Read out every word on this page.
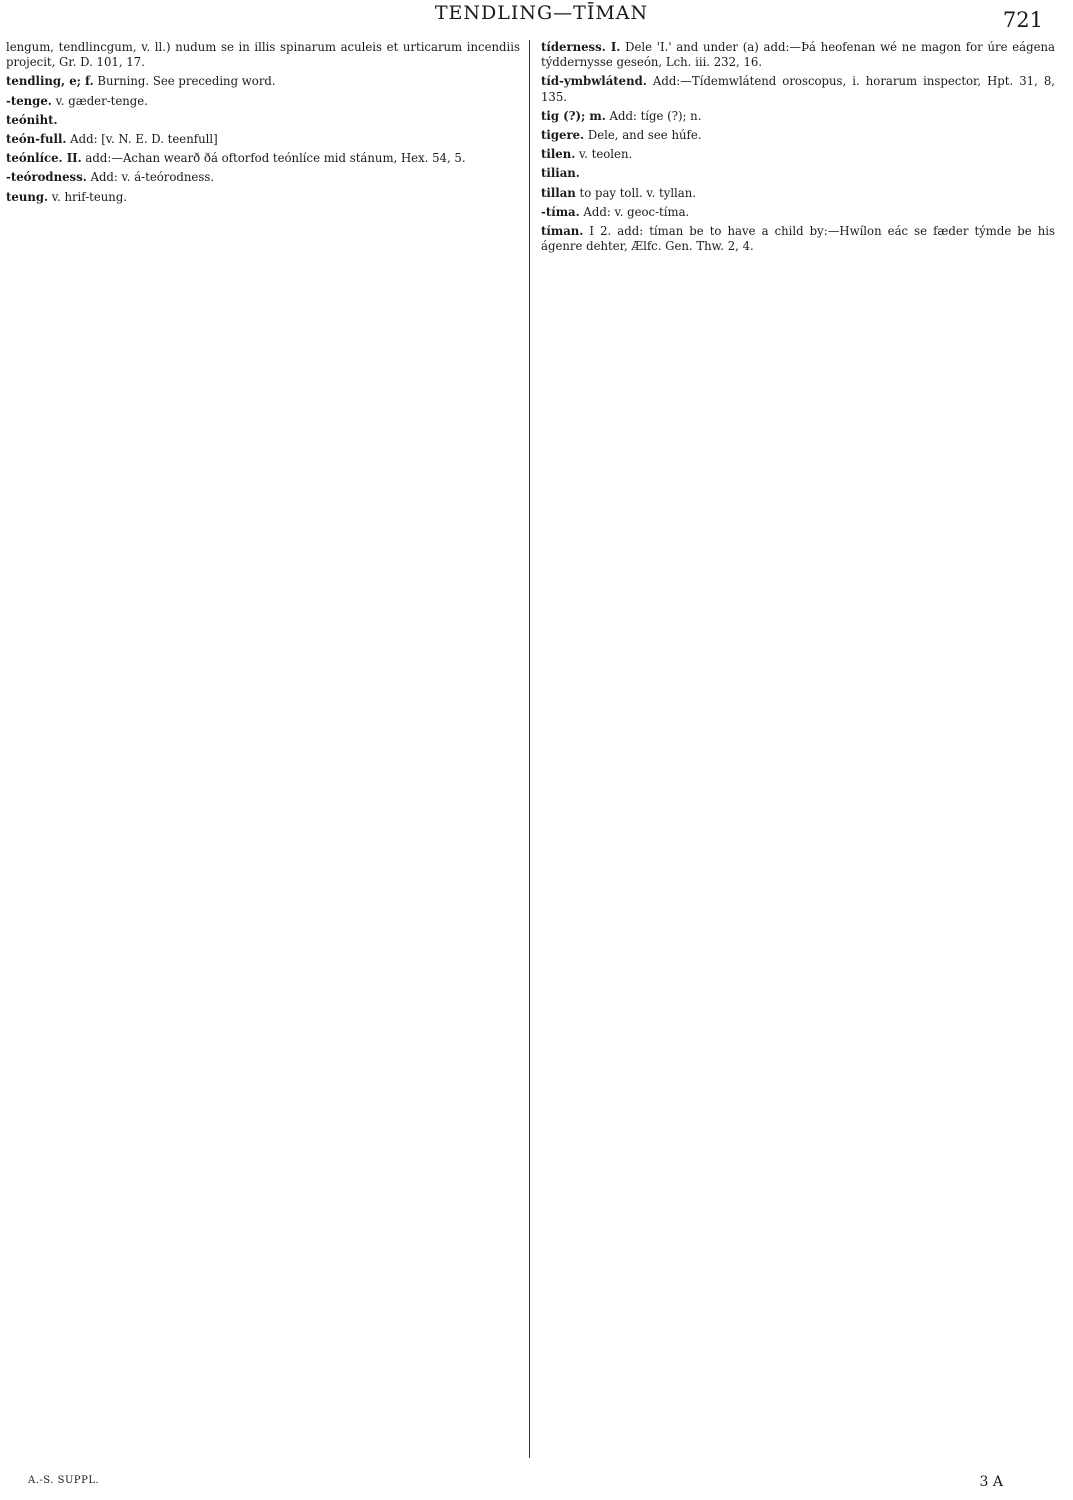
TENDLING—TĪMAN	721

lengum, tendlincgum, v. ll.) nudum se in illis spinarum aculeis et urticarum incendiis projecit, Gr. D. 101, 17.

tendling, e; f. Burning. See preceding word.

-tenge. v. gæder-tenge.

teóniht.

teón-full. Add: [v. N. E. D. teenfull]

teónlíce. II. add:—Achan wearð ðá oftorfod teónlíce mid stánum, Hex. 54, 5.

-teórodness. Add: v. á-teórodness.

teung. v. hrif-teung.

tíderness. I. Dele 'I.' and under (a) add:—Þá heofenan wé ne magon for úre eágena týddernysse geseón, Lch. iii. 232, 16.

tíd-ymbwlátend. Add:—Tídemwlátend oroscopus, i. horarum inspector, Hpt. 31, 8, 135.

tig (?); m. Add: tíge (?); n.

tigere. Dele, and see húfe.

tilen. v. teolen.

tilian.

tillan to pay toll. v. tyllan.

-tíma. Add: v. geoc-tíma.

tíman. I 2. add: tíman be to have a child by:—Hwílon eác se fæder týmde be his ágenre dehter, Ælfc. Gen. Thw. 2, 4.

A.-S. SUPPL.	3 A
